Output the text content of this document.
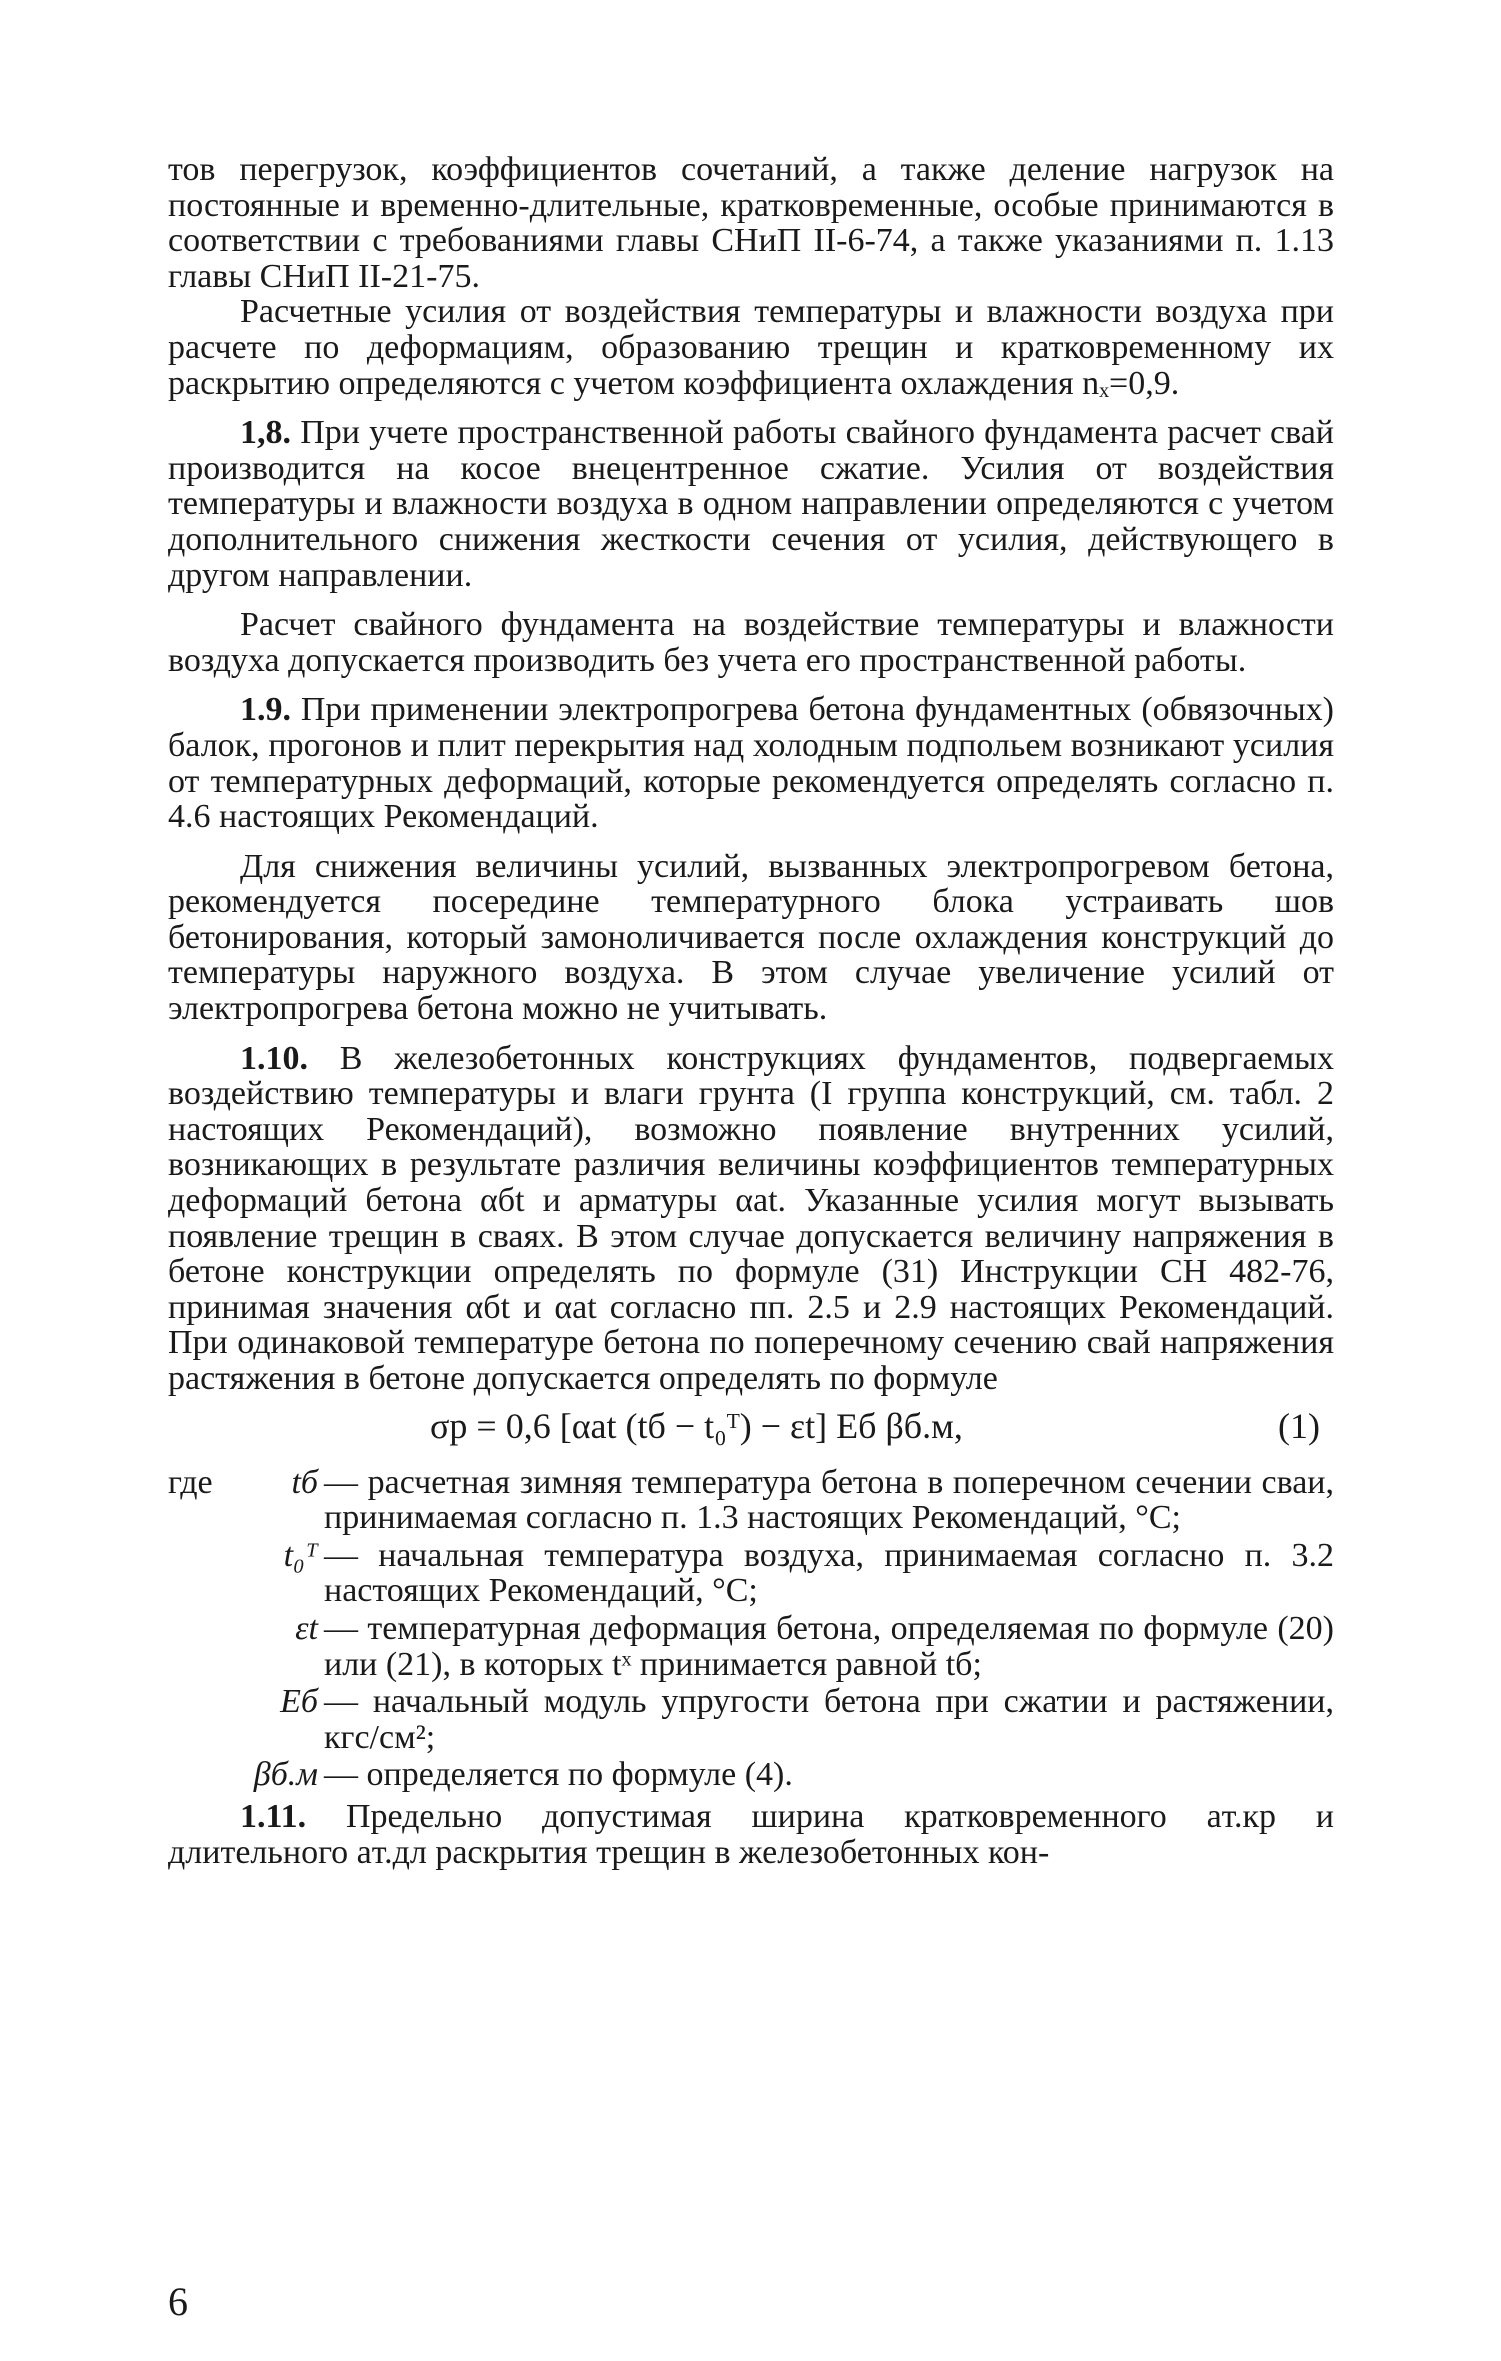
тов перегрузок, коэффициентов сочетаний, а также деление нагрузок на постоянные и временно-длительные, кратковременные, особые принимаются в соответствии с требованиями главы СНиП II-6-74, а также указаниями п. 1.13 главы СНиП II-21-75.

Расчетные усилия от воздействия температуры и влажности воздуха при расчете по деформациям, образованию трещин и кратковременному их раскрытию определяются с учетом коэффициента охлаждения nₓ=0,9.

1,8. При учете пространственной работы свайного фундамента расчет свай производится на косое внецентренное сжатие. Усилия от воздействия температуры и влажности воздуха в одном направлении определяются с учетом дополнительного снижения жесткости сечения от усилия, действующего в другом направлении.

Расчет свайного фундамента на воздействие температуры и влажности воздуха допускается производить без учета его пространственной работы.

1.9. При применении электропрогрева бетона фундаментных (обвязочных) балок, прогонов и плит перекрытия над холодным подпольем возникают усилия от температурных деформаций, которые рекомендуется определять согласно п. 4.6 настоящих Рекомендаций.

Для снижения величины усилий, вызванных электропрогревом бетона, рекомендуется посередине температурного блока устраивать шов бетонирования, который замоноличивается после охлаждения конструкций до температуры наружного воздуха. В этом случае увеличение усилий от электропрогрева бетона можно не учитывать.

1.10. В железобетонных конструкциях фундаментов, подвергаемых воздействию температуры и влаги грунта (I группа конструкций, см. табл. 2 настоящих Рекомендаций), возможно появление внутренних усилий, возникающих в результате различия величины коэффициентов температурных деформаций бетона αбt и арматуры αat. Указанные усилия могут вызывать появление трещин в сваях. В этом случае допускается величину напряжения в бетоне конструкции определять по формуле (31) Инструкции СН 482-76, принимая значения αбt и αat согласно пп. 2.5 и 2.9 настоящих Рекомендаций. При одинаковой температуре бетона по поперечному сечению свай напряжения растяжения в бетоне допускается определять по формуле

σр = 0,6 [αat (tб − t₀ᵀ) − εt] Eб βб.м,	(1)
где	tб — расчетная зимняя температура бетона в поперечном сечении сваи, принимаемая согласно п. 1.3 настоящих Рекомендаций, °С;
t₀ᵀ — начальная температура воздуха, принимаемая согласно п. 3.2 настоящих Рекомендаций, °С;
εt — температурная деформация бетона, определяемая по формуле (20) или (21), в которых tˣ принимается равной tб;
Eб — начальный модуль упругости бетона при сжатии и растяжении, кгс/см²;
βб.м — определяется по формуле (4).

1.11. Предельно допустимая ширина кратковременного aт.кр и длительного aт.дл раскрытия трещин в железобетонных кон-

6
